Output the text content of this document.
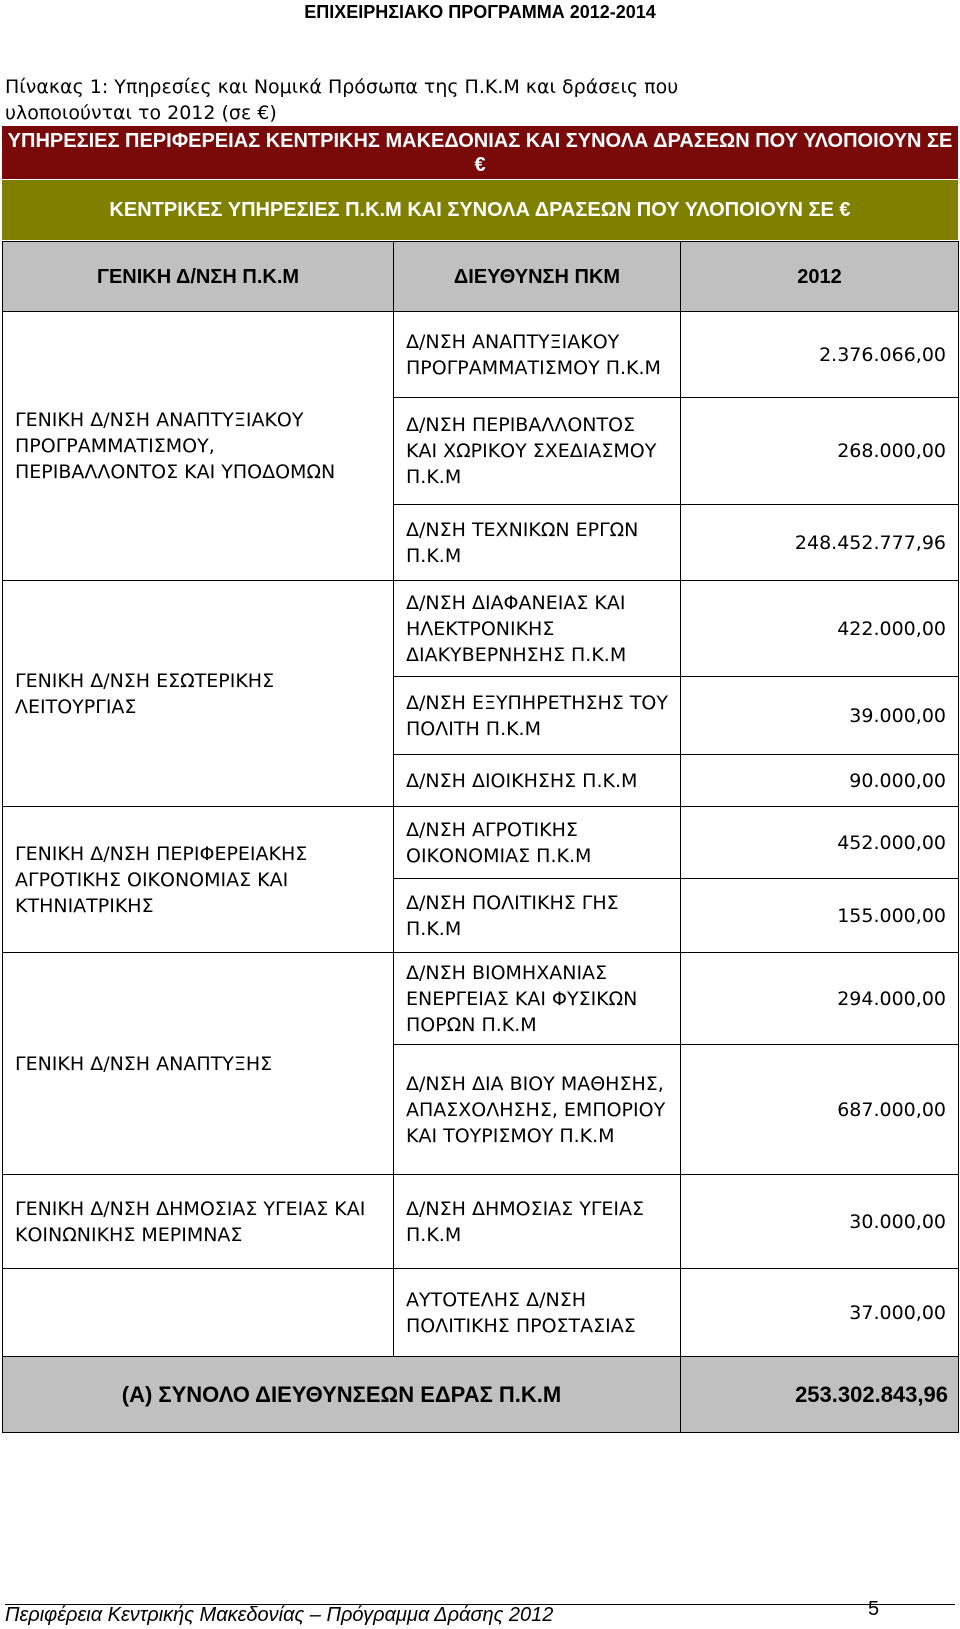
ΕΠΙΧΕΙΡΗΣΙΑΚΟ ΠΡΟΓΡΑΜΜΑ 2012-2014
Πίνακας 1: Υπηρεσίες και Νομικά Πρόσωπα της Π.Κ.Μ και δράσεις που υλοποιούνται το 2012 (σε €)
ΥΠΗΡΕΣΙΕΣ ΠΕΡΙΦΕΡΕΙΑΣ ΚΕΝΤΡΙΚΗΣ ΜΑΚΕΔΟΝΙΑΣ ΚΑΙ ΣΥΝΟΛΑ ΔΡΑΣΕΩΝ ΠΟΥ ΥΛΟΠΟΙΟΥΝ ΣΕ €
ΚΕΝΤΡΙΚΕΣ ΥΠΗΡΕΣΙΕΣ Π.Κ.Μ ΚΑΙ ΣΥΝΟΛΑ ΔΡΑΣΕΩΝ ΠΟΥ ΥΛΟΠΟΙΟΥΝ ΣΕ €
ΓΕΝΙΚΗ Δ/ΝΣΗ Π.Κ.Μ	ΔΙΕΥΘΥΝΣΗ ΠΚΜ	2012
ΓΕΝΙΚΗ Δ/ΝΣΗ ΑΝΑΠΤΥΞΙΑΚΟΥ ΠΡΟΓΡΑΜΜΑΤΙΣΜΟΥ, ΠΕΡΙΒΑΛΛΟΝΤΟΣ ΚΑΙ ΥΠΟΔΟΜΩΝ	Δ/ΝΣΗ ΑΝΑΠΤΥΞΙΑΚΟΥ ΠΡΟΓΡΑΜΜΑΤΙΣΜΟΥ Π.Κ.Μ	2.376.066,00
	Δ/ΝΣΗ ΠΕΡΙΒΑΛΛΟΝΤΟΣ ΚΑΙ ΧΩΡΙΚΟΥ ΣΧΕΔΙΑΣΜΟΥ Π.Κ.Μ	268.000,00
	Δ/ΝΣΗ ΤΕΧΝΙΚΩΝ ΕΡΓΩΝ Π.Κ.Μ	248.452.777,96
ΓΕΝΙΚΗ Δ/ΝΣΗ ΕΣΩΤΕΡΙΚΗΣ ΛΕΙΤΟΥΡΓΙΑΣ	Δ/ΝΣΗ ΔΙΑΦΑΝΕΙΑΣ ΚΑΙ ΗΛΕΚΤΡΟΝΙΚΗΣ ΔΙΑΚΥΒΕΡΝΗΣΗΣ Π.Κ.Μ	422.000,00
	Δ/ΝΣΗ ΕΞΥΠΗΡΕΤΗΣΗΣ ΤΟΥ ΠΟΛΙΤΗ Π.Κ.Μ	39.000,00
	Δ/ΝΣΗ ΔΙΟΙΚΗΣΗΣ Π.Κ.Μ	90.000,00
ΓΕΝΙΚΗ Δ/ΝΣΗ ΠΕΡΙΦΕΡΕΙΑΚΗΣ ΑΓΡΟΤΙΚΗΣ ΟΙΚΟΝΟΜΙΑΣ ΚΑΙ ΚΤΗΝΙΑΤΡΙΚΗΣ	Δ/ΝΣΗ ΑΓΡΟΤΙΚΗΣ ΟΙΚΟΝΟΜΙΑΣ Π.Κ.Μ	452.000,00
	Δ/ΝΣΗ ΠΟΛΙΤΙΚΗΣ ΓΗΣ Π.Κ.Μ	155.000,00
ΓΕΝΙΚΗ Δ/ΝΣΗ ΑΝΑΠΤΥΞΗΣ	Δ/ΝΣΗ ΒΙΟΜΗΧΑΝΙΑΣ ΕΝΕΡΓΕΙΑΣ ΚΑΙ ΦΥΣΙΚΩΝ ΠΟΡΩΝ Π.Κ.Μ	294.000,00
	Δ/ΝΣΗ ΔΙΑ ΒΙΟΥ ΜΑΘΗΣΗΣ, ΑΠΑΣΧΟΛΗΣΗΣ, ΕΜΠΟΡΙΟΥ ΚΑΙ ΤΟΥΡΙΣΜΟΥ Π.Κ.Μ	687.000,00
ΓΕΝΙΚΗ Δ/ΝΣΗ ΔΗΜΟΣΙΑΣ ΥΓΕΙΑΣ ΚΑΙ ΚΟΙΝΩΝΙΚΗΣ ΜΕΡΙΜΝΑΣ	Δ/ΝΣΗ ΔΗΜΟΣΙΑΣ ΥΓΕΙΑΣ Π.Κ.Μ	30.000,00
	ΑΥΤΟΤΕΛΗΣ Δ/ΝΣΗ ΠΟΛΙΤΙΚΗΣ ΠΡΟΣΤΑΣΙΑΣ	37.000,00
(Α) ΣΥΝΟΛΟ ΔΙΕΥΘΥΝΣΕΩΝ ΕΔΡΑΣ Π.Κ.Μ		253.302.843,96
Περιφέρεια Κεντρικής Μακεδονίας – Πρόγραμμα Δράσης 2012	5
